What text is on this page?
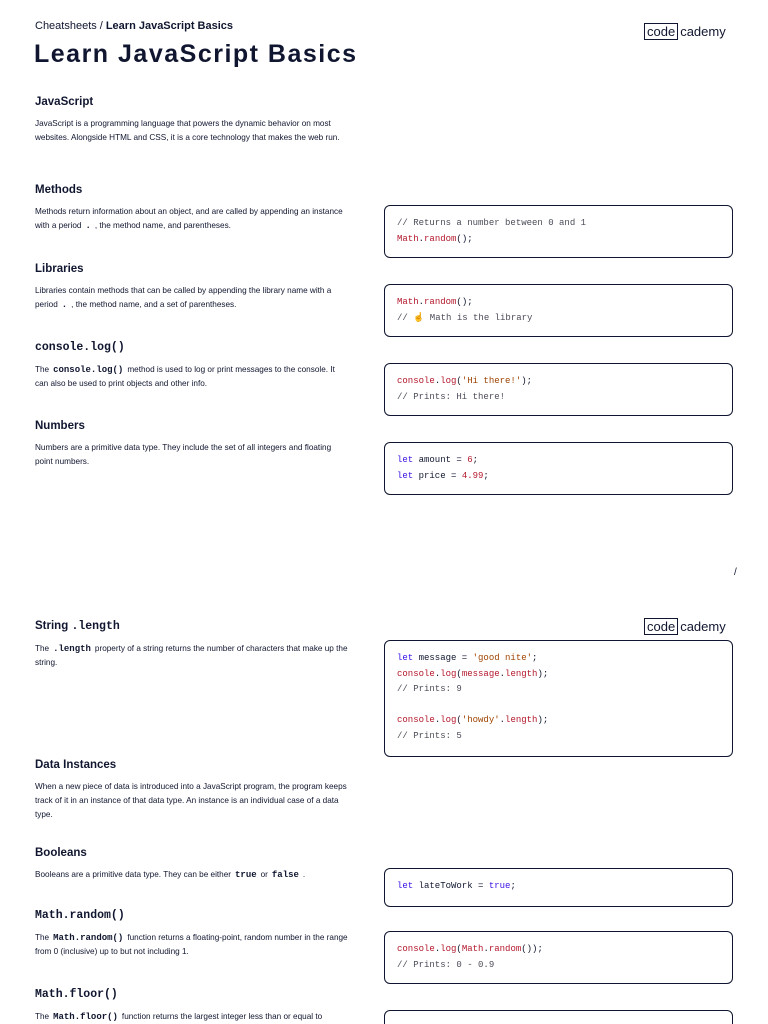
Cheatsheets / Learn JavaScript Basics	code cademy
Learn JavaScript Basics
JavaScript
JavaScript is a programming language that powers the dynamic behavior on most websites. Alongside HTML and CSS, it is a core technology that makes the web run.
Methods
Methods return information about an object, and are called by appending an instance with a period . , the method name, and parentheses.	// Returns a number between 0 and 1
Math.random();
Libraries
Libraries contain methods that can be called by appending the library name with a period . , the method name, and a set of parentheses.	Math.random();
// ☝️ Math is the library
console.log()
The console.log() method is used to log or print messages to the console. It can also be used to print objects and other info.	console.log('Hi there!');
// Prints: Hi there!
Numbers
Numbers are a primitive data type. They include the set of all integers and floating point numbers.	let amount = 6;
let price = 4.99;
/
code cademy
String .length
The .length property of a string returns the number of characters that make up the string.	let message = 'good nite';
console.log(message.length);
// Prints: 9
console.log('howdy'.length);
// Prints: 5
Data Instances
When a new piece of data is introduced into a JavaScript program, the program keeps track of it in an instance of that data type. An instance is an individual case of a data type.
Booleans
Booleans are a primitive data type. They can be either true or false .
let lateToWork = true;
Math.random()
The Math.random() function returns a floating-point, random number in the range from 0 (inclusive) up to but not including 1.	console.log(Math.random());
// Prints: 0 - 0.9
Math.floor()
The Math.floor() function returns the largest integer less than or equal to
